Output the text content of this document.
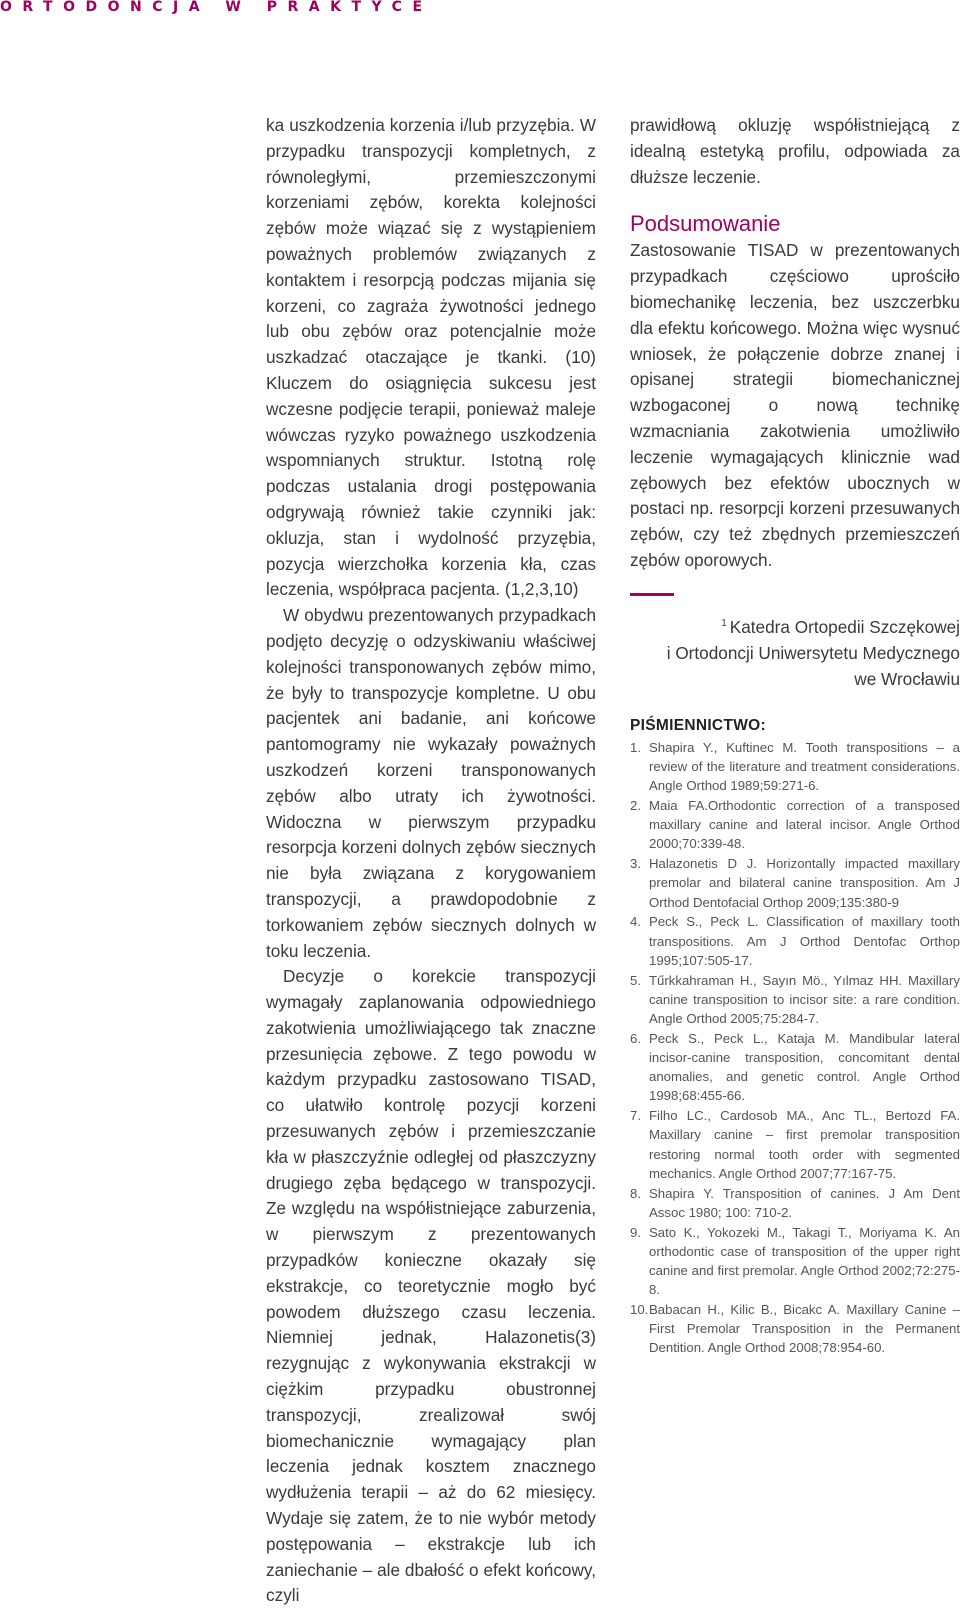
ORTODONCJA W PRAKTYCE

ka uszkodzenia korzenia i/lub przyzębia. W przypadku transpozycji kompletnych, z równoległymi, przemieszczonymi korzeniami zębów, korekta kolejności zębów może wiązać się z wystąpieniem poważnych problemów związanych z kontaktem i resorpcją podczas mijania się korzeni, co zagraża żywotności jednego lub obu zębów oraz potencjalnie może uszkadzać otaczające je tkanki. (10) Kluczem do osiągnięcia sukcesu jest wczesne podjęcie terapii, ponieważ maleje wówczas ryzyko poważnego uszkodzenia wspomnianych struktur. Istotną rolę podczas ustalania drogi postępowania odgrywają również takie czynniki jak: okluzja, stan i wydolność przyzębia, pozycja wierzchołka korzenia kła, czas leczenia, współpraca pacjenta. (1,2,3,10)

W obydwu prezentowanych przypadkach podjęto decyzję o odzyskiwaniu właściwej kolejności transponowanych zębów mimo, że były to transpozycje kompletne. U obu pacjentek ani badanie, ani końcowe pantomogramy nie wykazały poważnych uszkodzeń korzeni transponowanych zębów albo utraty ich żywotności. Widoczna w pierwszym przypadku resorpcja korzeni dolnych zębów siecznych nie była związana z korygowaniem transpozycji, a prawdopodobnie z torkowaniem zębów siecznych dolnych w toku leczenia.

Decyzje o korekcie transpozycji wymagały zaplanowania odpowiedniego zakotwienia umożliwiającego tak znaczne przesunięcia zębowe. Z tego powodu w każdym przypadku zastosowano TISAD, co ułatwiło kontrolę pozycji korzeni przesuwanych zębów i przemieszczanie kła w płaszczyźnie odległej od płaszczyzny drugiego zęba będącego w transpozycji. Ze względu na współistniejące zaburzenia, w pierwszym z prezentowanych przypadków konieczne okazały się ekstrakcje, co teoretycznie mogło być powodem dłuższego czasu leczenia. Niemniej jednak, Halazonetis(3) rezygnując z wykonywania ekstrakcji w ciężkim przypadku obustronnej transpozycji, zrealizował swój biomechanicznie wymagający plan leczenia jednak kosztem znacznego wydłużenia terapii – aż do 62 miesięcy. Wydaje się zatem, że to nie wybór metody postępowania – ekstrakcje lub ich zaniechanie – ale dbałość o efekt końcowy, czyli

prawidłową okluzję współistniejącą z idealną estetyką profilu, odpowiada za dłuższe leczenie.

Podsumowanie

Zastosowanie TISAD w prezentowanych przypadkach częściowo uprościło biomechanikę leczenia, bez uszczerbku dla efektu końcowego. Można więc wysnuć wniosek, że połączenie dobrze znanej i opisanej strategii biomechanicznej wzbogaconej o nową technikę wzmacniania zakotwienia umożliwiło leczenie wymagających klinicznie wad zębowych bez efektów ubocznych w postaci np. resorpcji korzeni przesuwanych zębów, czy też zbędnych przemieszczeń zębów oporowych.

$^1$ Katedra Ortopedii Szczękowej
i Ortodoncji Uniwersytetu Medycznego
we Wrocławiu
PIŚMIENNICTWO:
1. Shapira Y., Kuftinec M. Tooth transpositions – a review of the literature and treatment considerations. Angle Orthod 1989;59:271-6.
2. Maia FA.Orthodontic correction of a transposed maxillary canine and lateral incisor. Angle Orthod 2000;70:339-48.
3. Halazonetis D J. Horizontally impacted maxillary premolar and bilateral canine transposition. Am J Orthod Dentofacial Orthop 2009;135:380-9
4. Peck S., Peck L. Classification of maxillary tooth transpositions. Am J Orthod Dentofac Orthop 1995;107:505-17.
5. Tűrkkahraman H., Sayın Mö., Yılmaz HH. Maxillary canine transposition to incisor site: a rare condition. Angle Orthod 2005;75:284-7.
6. Peck S., Peck L., Kataja M. Mandibular lateral incisor-canine transposition, concomitant dental anomalies, and genetic control. Angle Orthod 1998;68:455-66.
7. Filho LC., Cardosob MA., Anc TL., Bertozd FA. Maxillary canine – first premolar transposition restoring normal tooth order with segmented mechanics. Angle Orthod 2007;77:167-75.
8. Shapira Y. Transposition of canines. J Am Dent Assoc 1980; 100: 710-2.
9. Sato K., Yokozeki M., Takagi T., Moriyama K. An orthodontic case of transposition of the upper right canine and first premolar. Angle Orthod 2002;72:275-8.
10. Babacan H., Kilic B., Bicakc A. Maxillary Canine – First Premolar Transposition in the Permanent Dentition. Angle Orthod 2008;78:954-60.
